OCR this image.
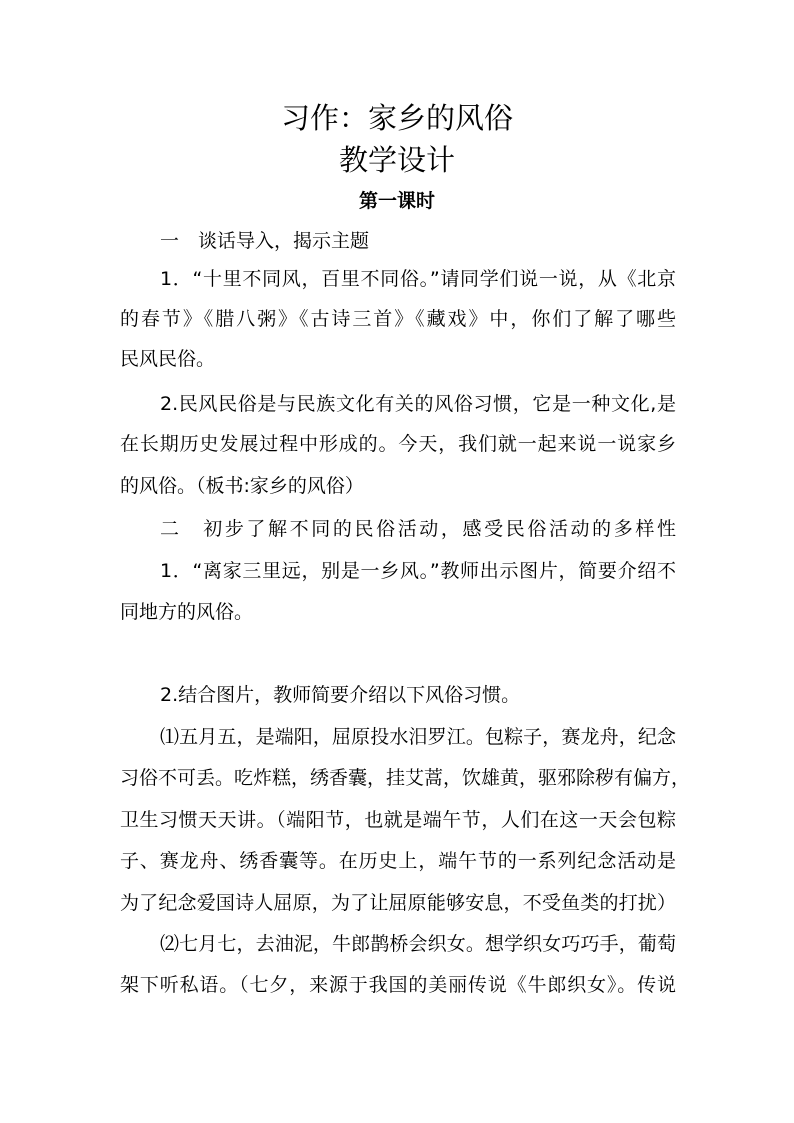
习作：家乡的风俗
教学设计
第一课时

一　谈话导入，揭示主题

1．“十里不同风，百里不同俗。”请同学们说一说，从《北京

的春节》《腊八粥》《古诗三首》《藏戏》中，你们了解了哪些

民风民俗。

2.民风民俗是与民族文化有关的风俗习惯，它是一种文化,是

在长期历史发展过程中形成的。今天，我们就一起来说一说家乡

的风俗。（板书:家乡的风俗）

二　初步了解不同的民俗活动，感受民俗活动的多样性

1．“离家三里远，别是一乡风。”教师出示图片，简要介绍不

同地方的风俗。

2.结合图片，教师简要介绍以下风俗习惯。

⑴五月五，是端阳，屈原投水汨罗江。包粽子，赛龙舟，纪念

习俗不可丢。吃炸糕，绣香囊，挂艾蒿，饮雄黄，驱邪除秽有偏方，

卫生习惯天天讲。（端阳节，也就是端午节，人们在这一天会包粽

子、赛龙舟、绣香囊等。在历史上，端午节的一系列纪念活动是

为了纪念爱国诗人屈原，为了让屈原能够安息，不受鱼类的打扰）

⑵七月七，去油泥，牛郎鹊桥会织女。想学织女巧巧手，葡萄

架下听私语。（七夕，来源于我国的美丽传说《牛郎织女》。传说
